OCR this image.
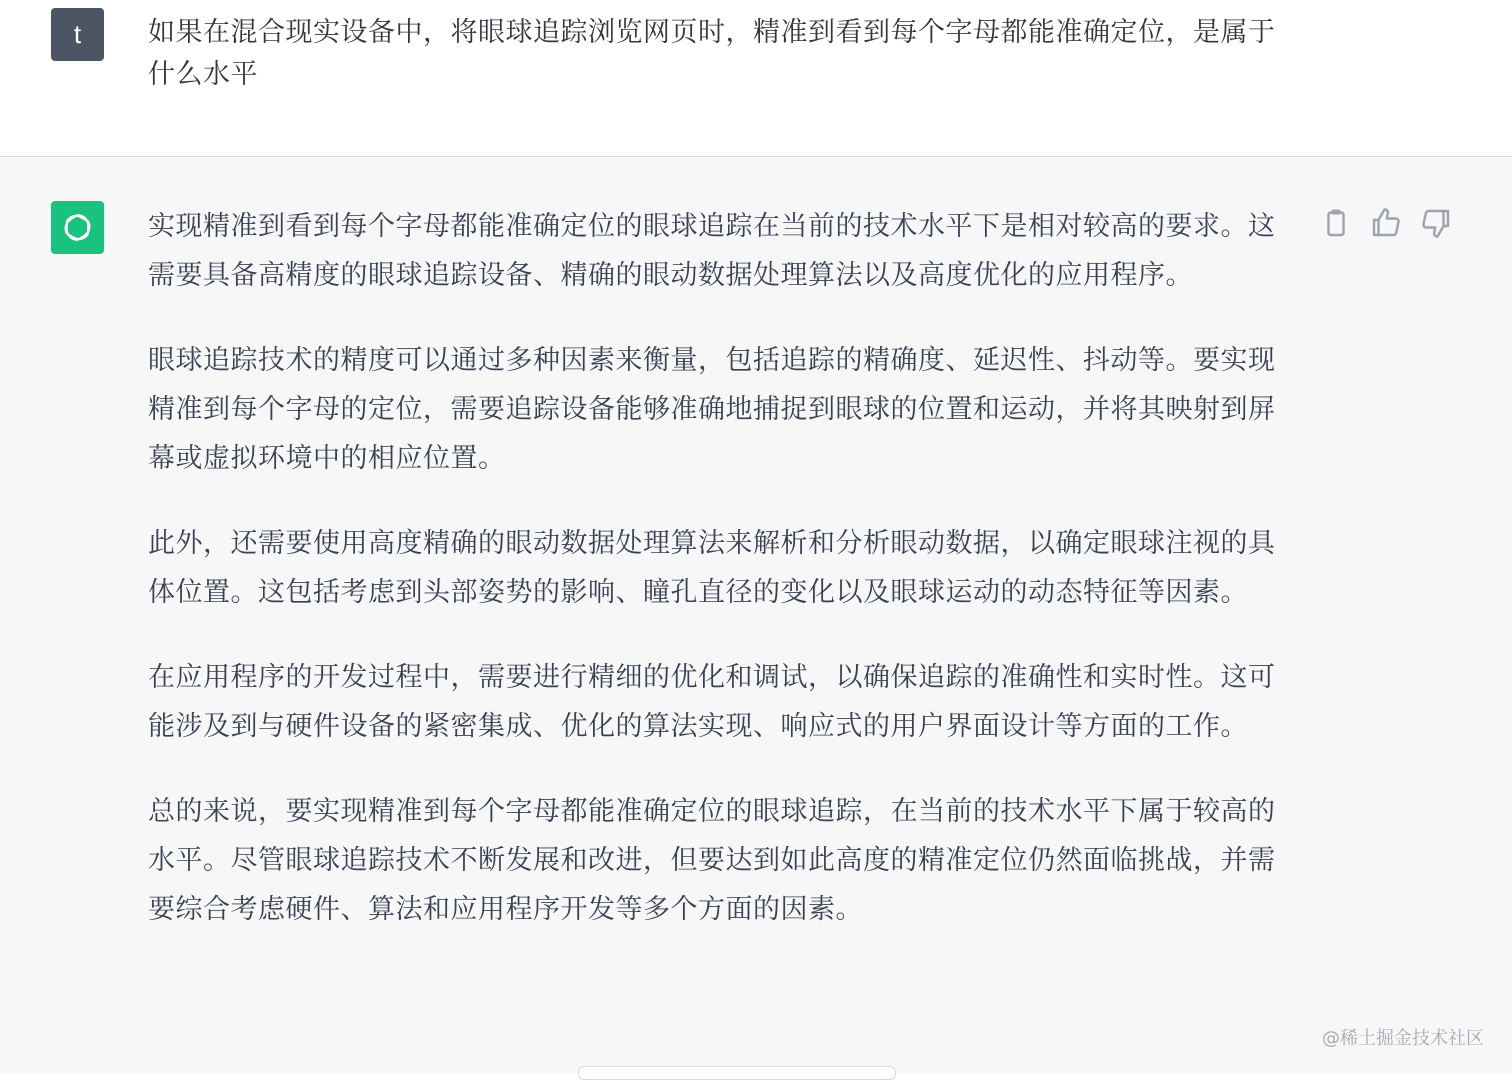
t	如果在混合现实设备中，将眼球追踪浏览网页时，精准到看到每个字母都能准确定位，是属于什么水平

实现精准到看到每个字母都能准确定位的眼球追踪在当前的技术水平下是相对较高的要求。这需要具备高精度的眼球追踪设备、精确的眼动数据处理算法以及高度优化的应用程序。

眼球追踪技术的精度可以通过多种因素来衡量，包括追踪的精确度、延迟性、抖动等。要实现精准到每个字母的定位，需要追踪设备能够准确地捕捉到眼球的位置和运动，并将其映射到屏幕或虚拟环境中的相应位置。

此外，还需要使用高度精确的眼动数据处理算法来解析和分析眼动数据，以确定眼球注视的具体位置。这包括考虑到头部姿势的影响、瞳孔直径的变化以及眼球运动的动态特征等因素。

在应用程序的开发过程中，需要进行精细的优化和调试，以确保追踪的准确性和实时性。这可能涉及到与硬件设备的紧密集成、优化的算法实现、响应式的用户界面设计等方面的工作。

总的来说，要实现精准到每个字母都能准确定位的眼球追踪，在当前的技术水平下属于较高的水平。尽管眼球追踪技术不断发展和改进，但要达到如此高度的精准定位仍然面临挑战，并需要综合考虑硬件、算法和应用程序开发等多个方面的因素。

@稀土掘金技术社区
